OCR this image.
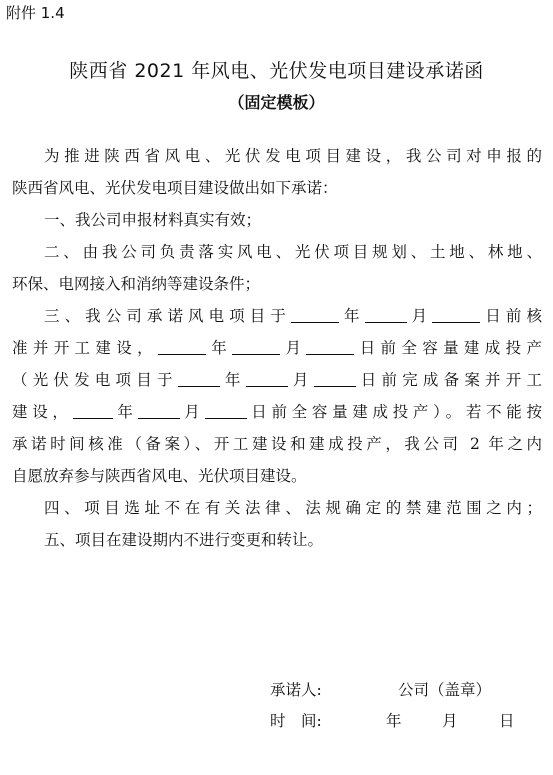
附件 1.4
陕西省 2021 年风电、光伏发电项目建设承诺函
（固定模板）
为推进陕西省风电、光伏发电项目建设，我公司对申报的
陕西省风电、光伏发电项目建设做出如下承诺：
一、我公司申报材料真实有效；
二、由我公司负责落实风电、光伏项目规划、土地、林地、
环保、电网接入和消纳等建设条件；
三、我公司承诺风电项目于	年	月	日前核
准并开工建设，	年	月	日前全容量建成投产
（光伏发电项目于	年	月	日前完成备案并开工
建设，	年	月	日前全容量建成投产）。若不能按
承诺时间核准（备案）、开工建设和建成投产，我公司 2 年之内
自愿放弃参与陕西省风电、光伏项目建设。
四、项目选址不在有关法律、法规确定的禁建范围之内；
五、项目在建设期内不进行变更和转让。
承诺人:	公司（盖章）
时　间:	年	月	日
